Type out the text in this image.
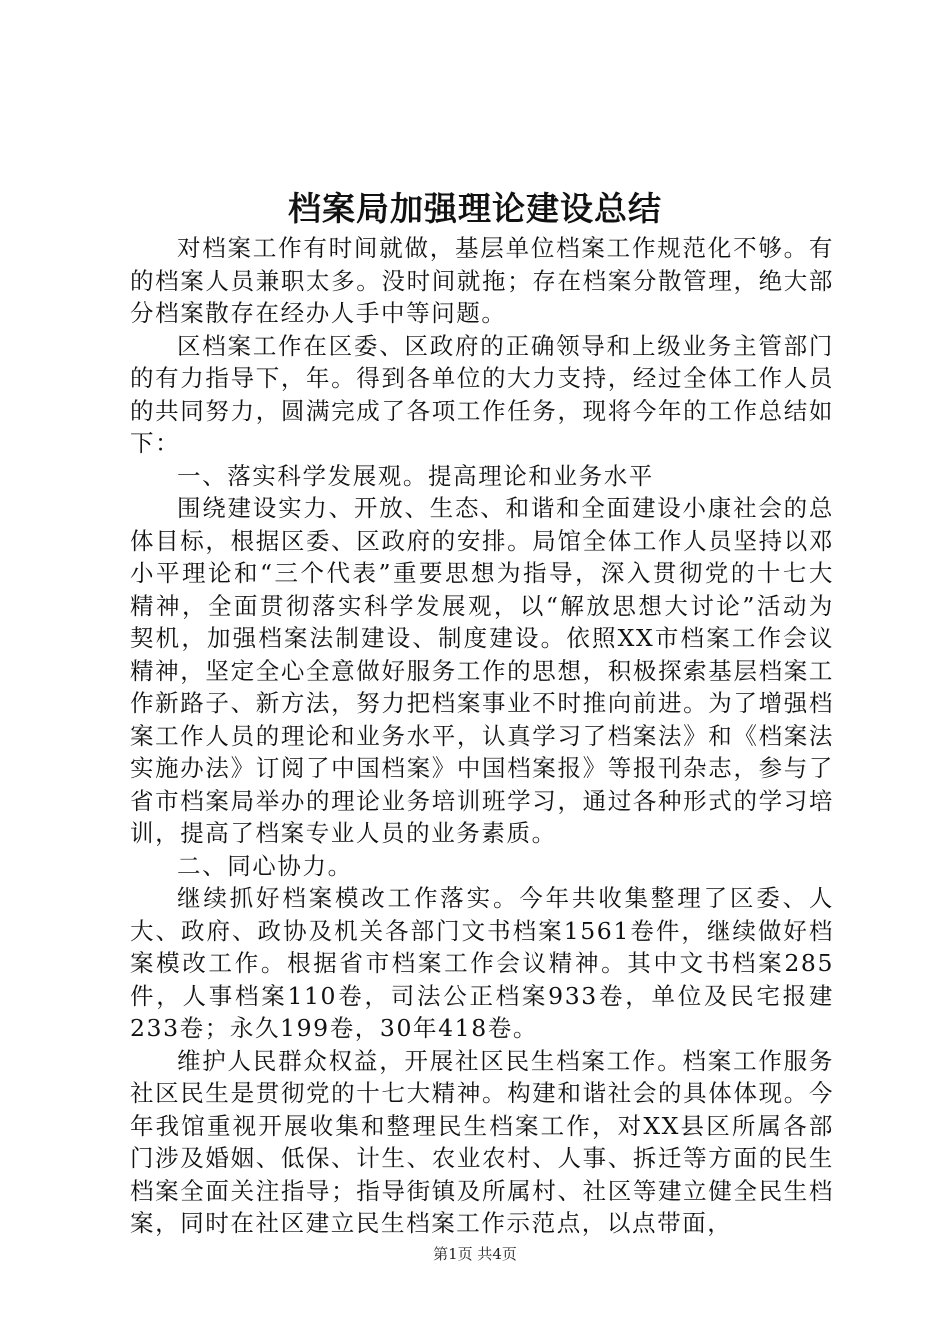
档案局加强理论建设总结

对档案工作有时间就做，基层单位档案工作规范化不够。有的档案人员兼职太多。没时间就拖；存在档案分散管理，绝大部分档案散存在经办人手中等问题。

区档案工作在区委、区政府的正确领导和上级业务主管部门的有力指导下，年。得到各单位的大力支持，经过全体工作人员的共同努力，圆满完成了各项工作任务，现将今年的工作总结如下：

一、落实科学发展观。提高理论和业务水平

围绕建设实力、开放、生态、和谐和全面建设小康社会的总体目标，根据区委、区政府的安排。局馆全体工作人员坚持以邓小平理论和“三个代表”重要思想为指导，深入贯彻党的十七大精神，全面贯彻落实科学发展观，以“解放思想大讨论”活动为契机，加强档案法制建设、制度建设。依照XX市档案工作会议精神，坚定全心全意做好服务工作的思想，积极探索基层档案工作新路子、新方法，努力把档案事业不时推向前进。为了增强档案工作人员的理论和业务水平，认真学习了档案法》和《档案法实施办法》订阅了中国档案》中国档案报》等报刊杂志，参与了省市档案局举办的理论业务培训班学习，通过各种形式的学习培训，提高了档案专业人员的业务素质。

二、同心协力。

继续抓好档案模改工作落实。今年共收集整理了区委、人大、政府、政协及机关各部门文书档案1561卷件，继续做好档案模改工作。根据省市档案工作会议精神。其中文书档案285件，人事档案110卷，司法公正档案933卷，单位及民宅报建233卷；永久199卷，30年418卷。

维护人民群众权益，开展社区民生档案工作。档案工作服务社区民生是贯彻党的十七大精神。构建和谐社会的具体体现。今年我馆重视开展收集和整理民生档案工作，对XX县区所属各部门涉及婚姻、低保、计生、农业农村、人事、拆迁等方面的民生档案全面关注指导；指导街镇及所属村、社区等建立健全民生档案，同时在社区建立民生档案工作示范点，以点带面，

第1页 共4页
